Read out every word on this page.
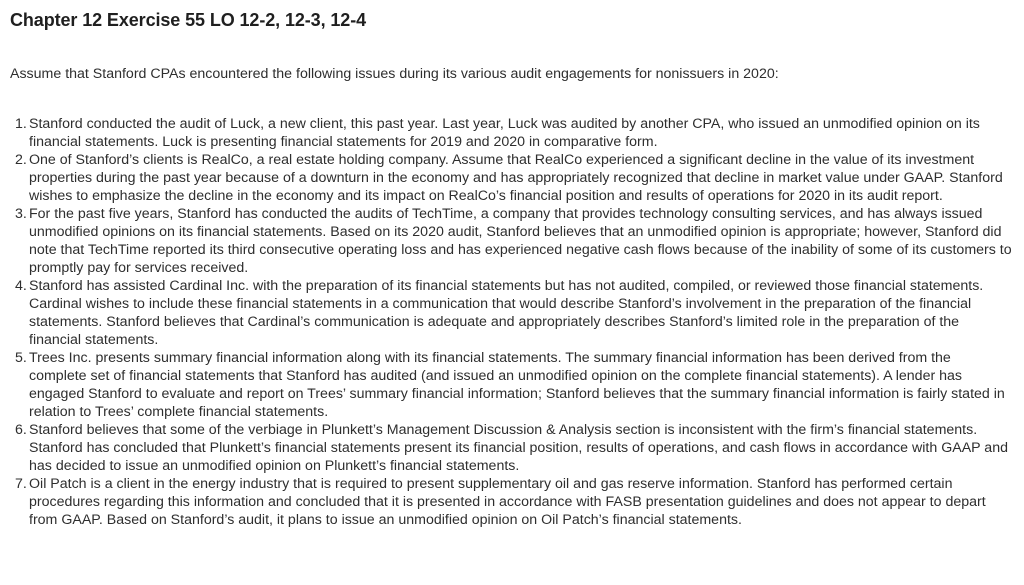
Chapter 12 Exercise 55 LO 12-2, 12-3, 12-4

Assume that Stanford CPAs encountered the following issues during its various audit engagements for nonissuers in 2020:

1. Stanford conducted the audit of Luck, a new client, this past year. Last year, Luck was audited by another CPA, who issued an unmodified opinion on its financial statements. Luck is presenting financial statements for 2019 and 2020 in comparative form.
2. One of Stanford’s clients is RealCo, a real estate holding company. Assume that RealCo experienced a significant decline in the value of its investment properties during the past year because of a downturn in the economy and has appropriately recognized that decline in market value under GAAP. Stanford wishes to emphasize the decline in the economy and its impact on RealCo’s financial position and results of operations for 2020 in its audit report.
3. For the past five years, Stanford has conducted the audits of TechTime, a company that provides technology consulting services, and has always issued unmodified opinions on its financial statements. Based on its 2020 audit, Stanford believes that an unmodified opinion is appropriate; however, Stanford did note that TechTime reported its third consecutive operating loss and has experienced negative cash flows because of the inability of some of its customers to promptly pay for services received.
4. Stanford has assisted Cardinal Inc. with the preparation of its financial statements but has not audited, compiled, or reviewed those financial statements. Cardinal wishes to include these financial statements in a communication that would describe Stanford’s involvement in the preparation of the financial statements. Stanford believes that Cardinal’s communication is adequate and appropriately describes Stanford’s limited role in the preparation of the financial statements.
5. Trees Inc. presents summary financial information along with its financial statements. The summary financial information has been derived from the complete set of financial statements that Stanford has audited (and issued an unmodified opinion on the complete financial statements). A lender has engaged Stanford to evaluate and report on Trees’ summary financial information; Stanford believes that the summary financial information is fairly stated in relation to Trees’ complete financial statements.
6. Stanford believes that some of the verbiage in Plunkett’s Management Discussion & Analysis section is inconsistent with the firm’s financial statements. Stanford has concluded that Plunkett’s financial statements present its financial position, results of operations, and cash flows in accordance with GAAP and has decided to issue an unmodified opinion on Plunkett’s financial statements.
7. Oil Patch is a client in the energy industry that is required to present supplementary oil and gas reserve information. Stanford has performed certain procedures regarding this information and concluded that it is presented in accordance with FASB presentation guidelines and does not appear to depart from GAAP. Based on Stanford’s audit, it plans to issue an unmodified opinion on Oil Patch’s financial statements.
